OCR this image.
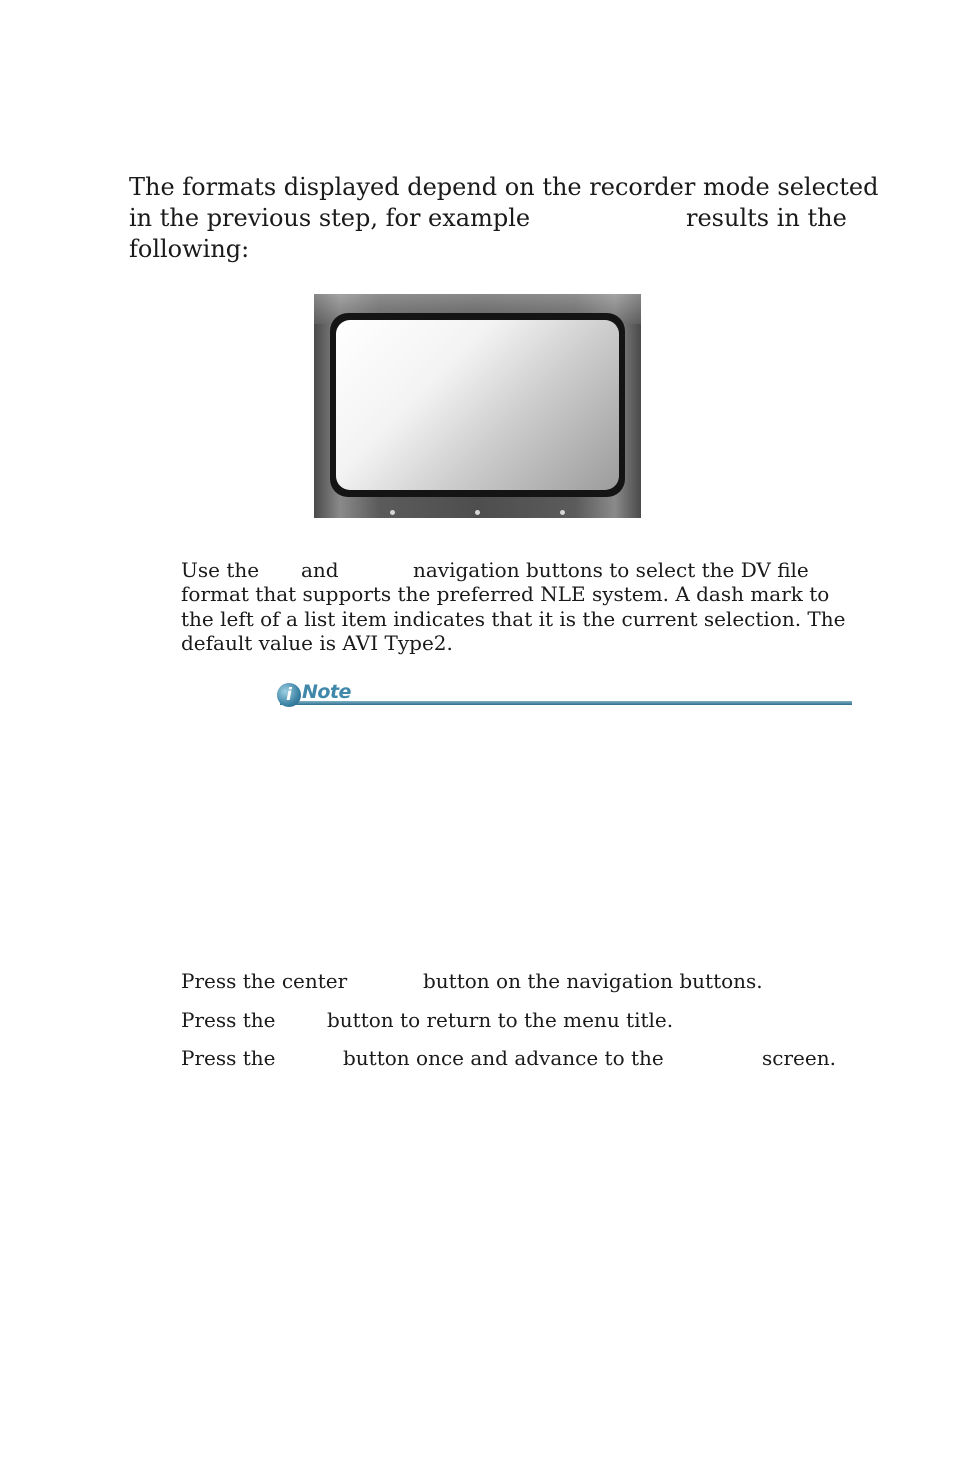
The formats displayed depend on the recorder mode selected
in the previous step, for example	results in the
following:
Use the and	navigation buttons to select the DV file
format that supports the preferred NLE system. A dash mark to
the left of a list item indicates that it is the current selection. The
default value is AVI Type2.
i Note
Press the center	button on the navigation buttons.
Press the	button to return to the menu title.
Press the	button once and advance to the	screen.
